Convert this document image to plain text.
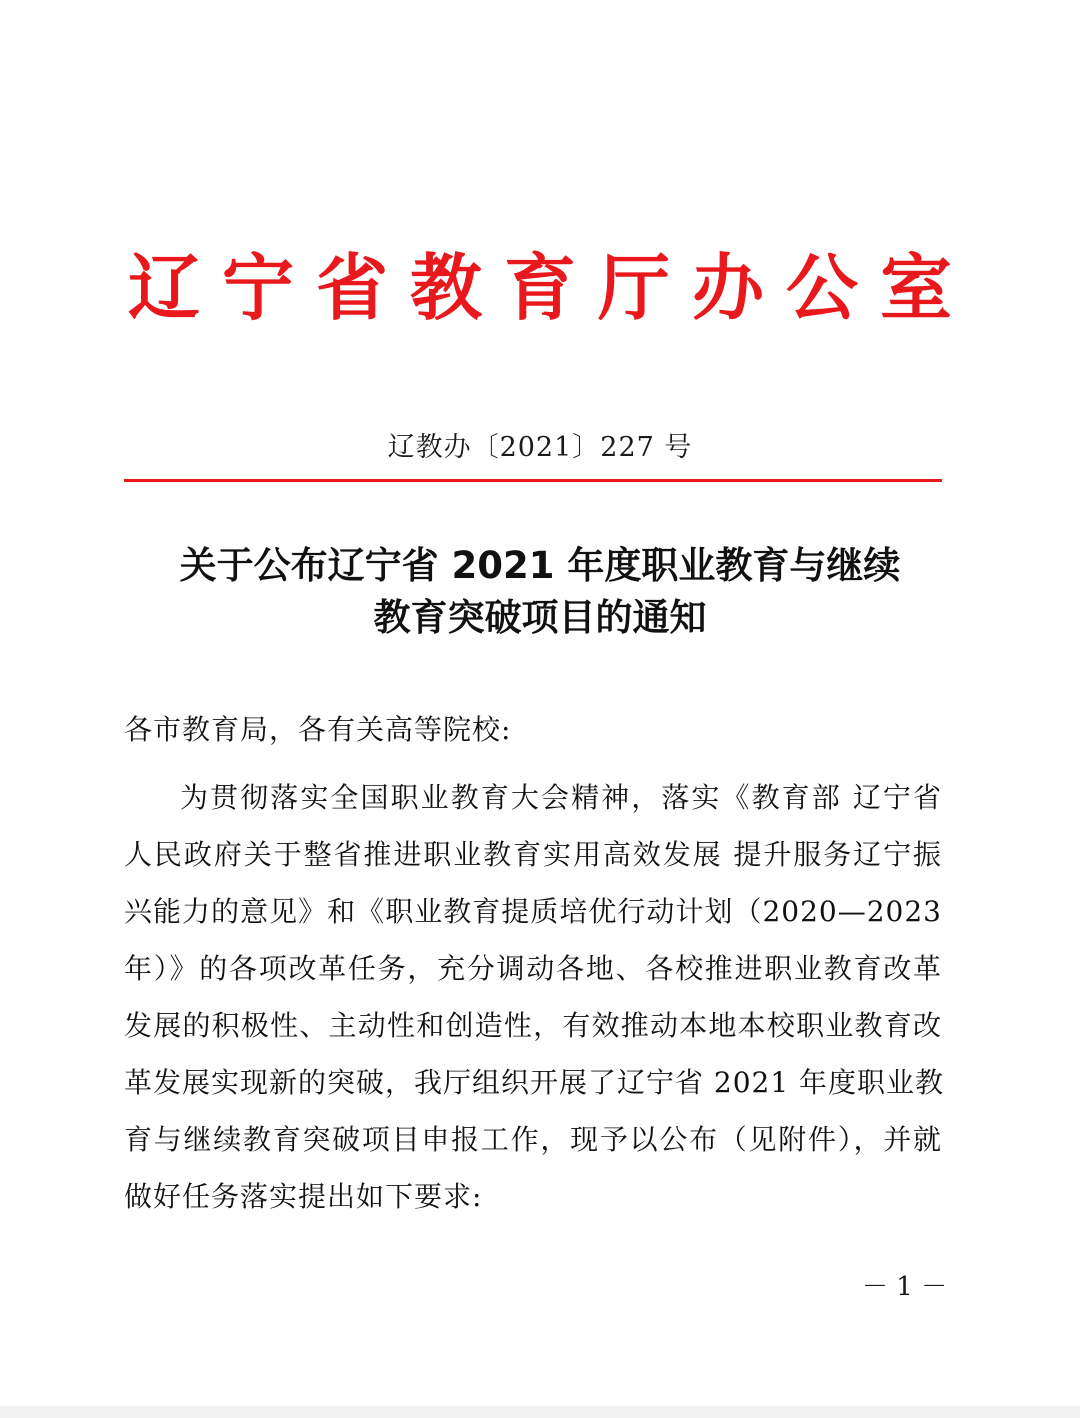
辽宁省教育厅办公室
辽教办〔2021〕227 号
关于公布辽宁省 2021 年度职业教育与继续
教育突破项目的通知
各市教育局，各有关高等院校:
为贯彻落实全国职业教育大会精神，落实《教育部 辽宁省
人民政府关于整省推进职业教育实用高效发展 提升服务辽宁振
兴能力的意见》和《职业教育提质培优行动计划（2020—2023
年）》的各项改革任务，充分调动各地、各校推进职业教育改革
发展的积极性、主动性和创造性，有效推动本地本校职业教育改
革发展实现新的突破，我厅组织开展了辽宁省 2021 年度职业教
育与继续教育突破项目申报工作，现予以公布（见附件），并就
做好任务落实提出如下要求:
－ 1 －
